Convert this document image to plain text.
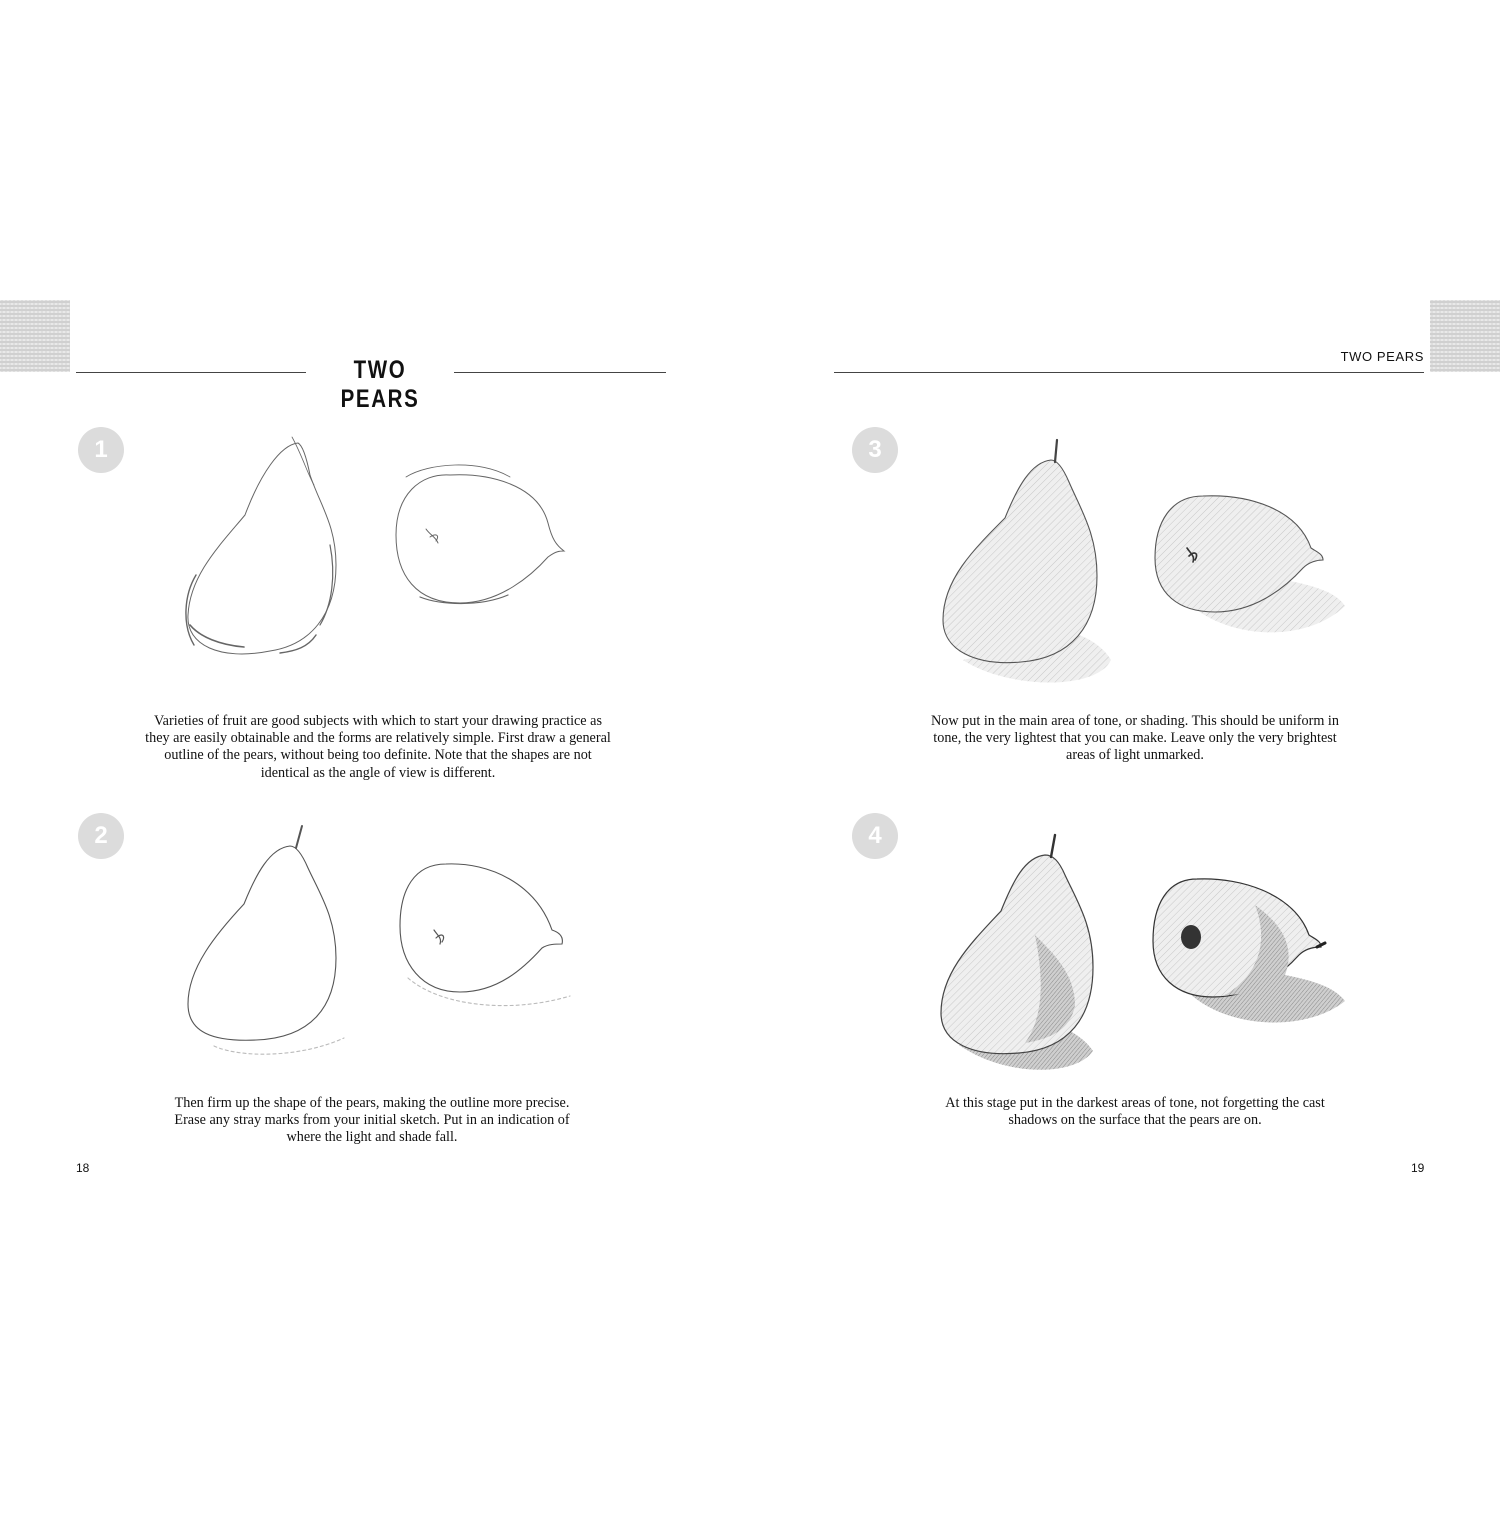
TWO PEARS
TWO PEARS
1
Varieties of fruit are good subjects with which to start your drawing practice as they are easily obtainable and the forms are relatively simple. First draw a general outline of the pears, without being too definite. Note that the shapes are not identical as the angle of view is different.
2
Then firm up the shape of the pears, making the outline more precise. Erase any stray marks from your initial sketch. Put in an indication of where the light and shade fall.
3
Now put in the main area of tone, or shading. This should be uniform in tone, the very lightest that you can make. Leave only the very brightest areas of light unmarked.
4
At this stage put in the darkest areas of tone, not forgetting the cast shadows on the surface that the pears are on.
18	19
